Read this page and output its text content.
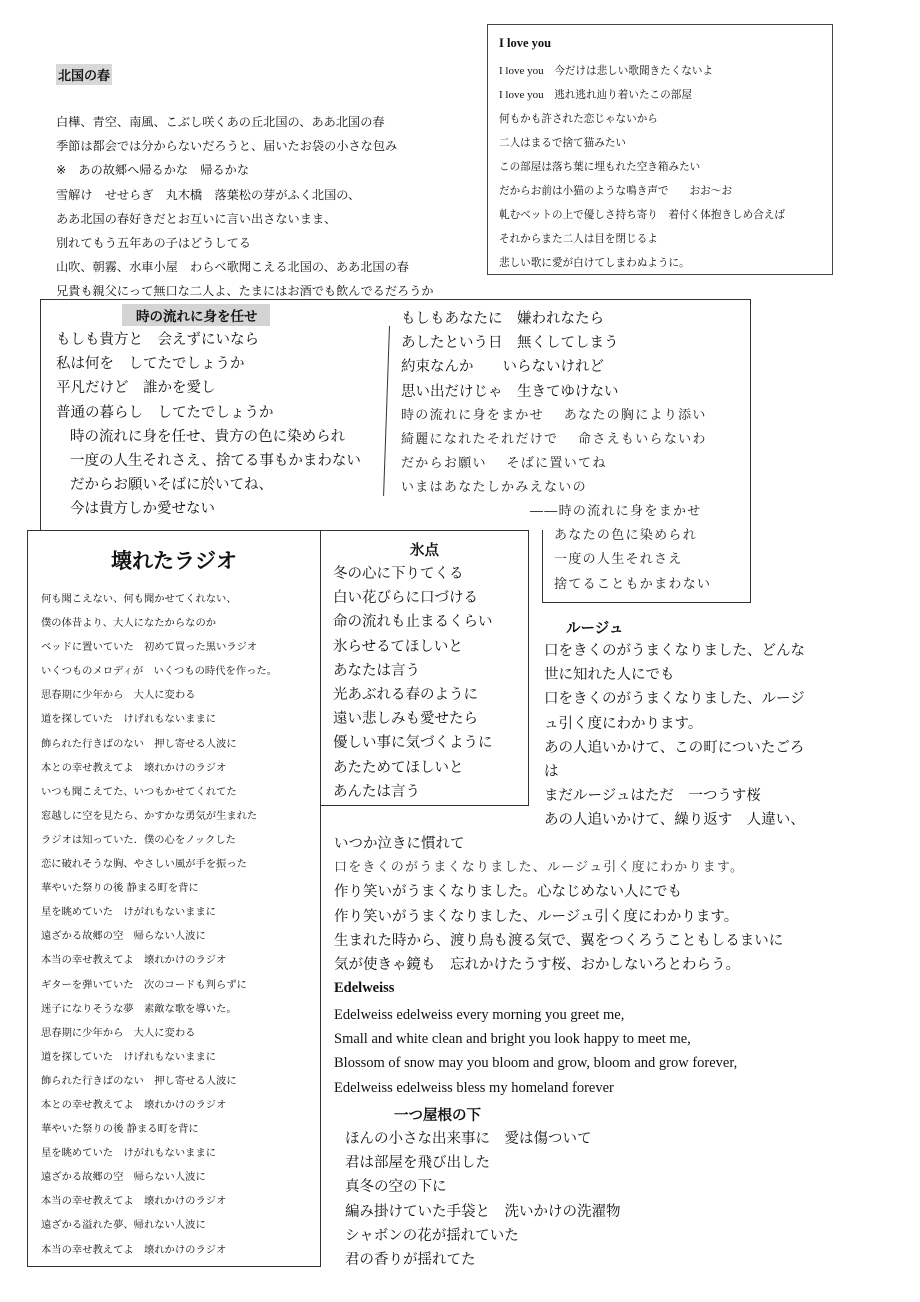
北国の春
白樺、青空、南風、こぶし咲くあの丘北国の、ああ北国の春
季節は都会では分からないだろうと、届いたお袋の小さな包み
※　あの故郷へ帰るかな　帰るかな
雪解け　せせらぎ　丸木橋　落葉松の芽がふく北国の、
ああ北国の春好きだとお互いに言い出さないまま、
別れてもう五年あの子はどうしてる
山吹、朝霧、水車小屋　わらべ歌聞こえる北国の、ああ北国の春
兄貴も親父にって無口な二人よ、たまにはお酒でも飲んでるだろうか
I love you
I love you　今だけは悲しい歌聞きたくないよ
I love you　逃れ逃れ辿り着いたこの部屋
何もかも許された恋じゃないから
二人はまるで捨て猫みたい
この部屋は落ち葉に埋もれた空き箱みたい
だからお前は小猫のような鳴き声で　　おお～お
軋むベットの上で優しさ持ち寄り　着付く体抱きしめ合えば
それからまた二人は目を閉じるよ
悲しい歌に愛が白けてしまわぬように。
時の流れに身を任せ
もしも貴方と　会えずにいなら
私は何を　してたでしょうか
平凡だけど　誰かを愛し
普通の暮らし　してたでしょうか
時の流れに身を任せ、貴方の色に染められ
一度の人生それさえ、捨てる事もかまわない
だからお願いそばに於いてね、
今は貴方しか愛せない
もしもあなたに　嫌われなたら
あしたという日　無くしてしまう
約束なんか　　いらないけれど
思い出だけじゃ　生きてゆけない
時の流れに身をまかせ　 あなたの胸により添い
綺麗になれたそれだけで　 命さえもいらないわ
だからお願い　 そばに置いてね
いまはあなたしかみえないの
――時の流れに身をまかせ
あなたの色に染められ
一度の人生それさえ
捨てることもかまわない
壊れたラジオ
何も聞こえない、何も聞かせてくれない、
僕の体昔より、大人になたからなのか
ベッドに置いていた　初めて買った黒いラジオ
いくつものメロディが　いくつもの時代を作った。
思春期に少年から　大人に変わる
道を探していた　けげれもないままに
飾られた行きばのない　押し寄せる人波に
本との幸せ教えてよ　壊れかけのラジオ
いつも聞こえてた、いつもかせてくれてた
窓越しに空を見たら、かすかな勇気が生まれた
ラジオは知っていた．僕の心をノックした
恋に破れそうな胸、やさしい風が手を振った
華やいた祭りの後 静まる町を背に
星を眺めていた　けがれもないままに
遠ざかる故郷の空　帰らない人波に
本当の幸せ教えてよ　壊れかけのラジオ
ギターを弾いていた　次のコードも判らずに
迷子になりそうな夢　素敵な歌を導いた。
思春期に少年から　大人に変わる
道を探していた　けげれもないままに
飾られた行きばのない　押し寄せる人波に
本との幸せ教えてよ　壊れかけのラジオ
華やいた祭りの後 静まる町を背に
星を眺めていた　けがれもないままに
遠ざかる故郷の空　帰らない人波に
本当の幸せ教えてよ　壊れかけのラジオ
遠ざかる溢れた夢、帰れない人波に
本当の幸せ教えてよ　壊れかけのラジオ
氷点
冬の心に下りてくる
白い花びらに口づける
命の流れも止まるくらい
氷らせるてほしいと
あなたは言う
光あぶれる春のように
遠い悲しみも愛せたら
優しい事に気づくように
あたためてほしいと
あんたは言う
ルージュ
口をきくのがうまくなりました、どんな
世に知れた人にでも
口をきくのがうまくなりました、ルージ
ュ引く度にわかります。
あの人追いかけて、この町についたごろ
は
まだルージュはただ　一つうす桜
あの人追いかけて、繰り返す　人違い、
いつか泣きに慣れて
口をきくのがうまくなりました、ルージュ引く度にわかります。
作り笑いがうまくなりました。心なじめない人にでも
作り笑いがうまくなりました、ルージュ引く度にわかります。
生まれた時から、渡り鳥も渡る気で、翼をつくろうこともしるまいに
気が使きゃ鏡も　忘れかけたうす桜、おかしないろとわらう。
Edelweiss
Edelweiss edelweiss every morning you greet me,
Small and white clean and bright you look happy to meet me,
Blossom of snow may you bloom and grow, bloom and grow forever,
Edelweiss edelweiss bless my homeland forever
一つ屋根の下
ほんの小さな出来事に　愛は傷ついて
君は部屋を飛び出した
真冬の空の下に
編み掛けていた手袋と　洗いかけの洗濯物
シャボンの花が揺れていた
君の香りが揺れてた
